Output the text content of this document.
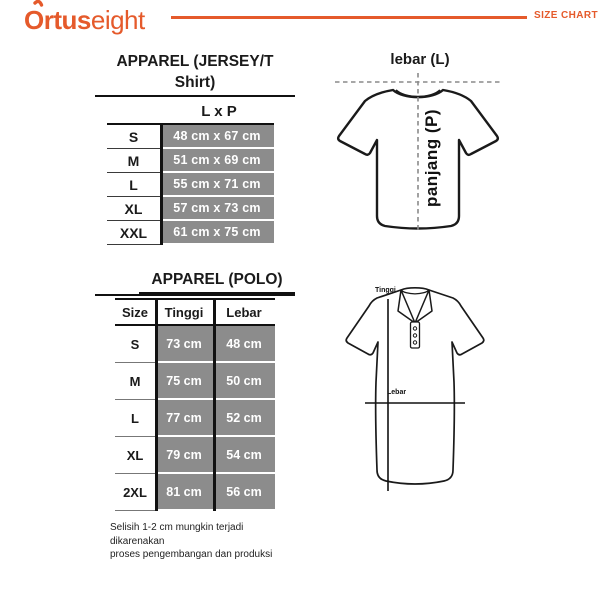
O
rtuseight	SIZE CHART
APPAREL (JERSEY/T Shirt)
L x P
S	48 cm x 67 cm
M	51 cm x 69 cm
L	55 cm x 71 cm
XL	57 cm x 73 cm
XXL	61 cm x 75 cm
APPAREL (POLO)
Size	Tinggi	Lebar
S	73 cm	48 cm
M	75 cm	50 cm
L	77 cm	52 cm
XL	79 cm	54 cm
2XL	81 cm	56 cm
Selisih 1-2 cm mungkin terjadi dikarenakan
proses pengembangan dan produksi
lebar (L)
panjang (P)
Tinggi
Lebar
